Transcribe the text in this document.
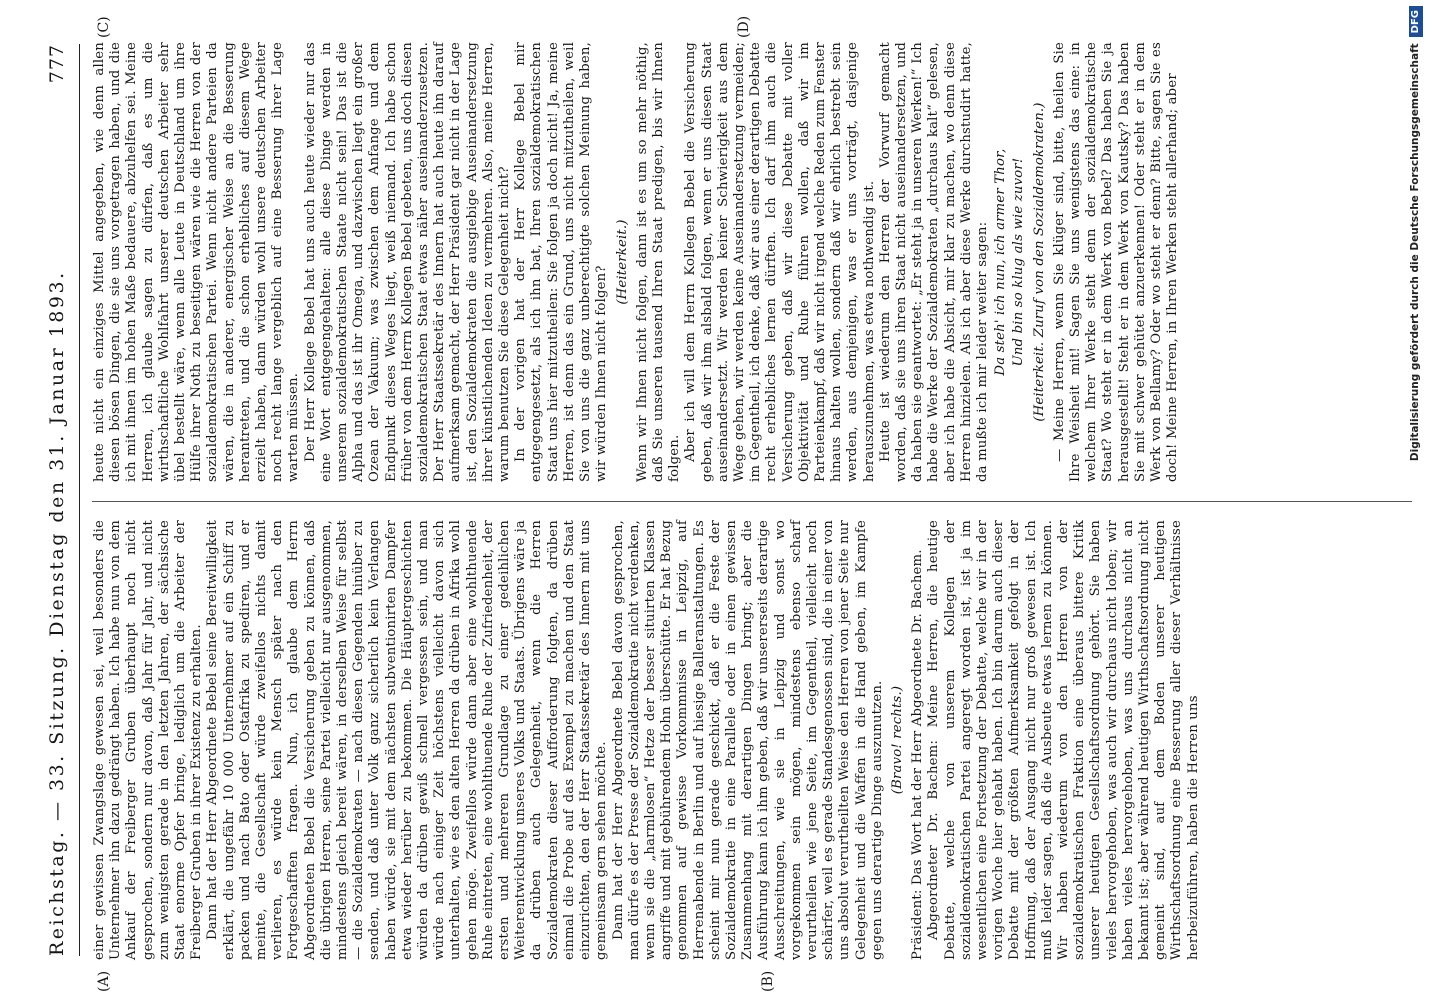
Reichstag. — 33. Sitzung. Dienstag den 31. Januar 1893.
777
(A)	(B)
(C)	(D)

einer gewissen Zwangslage gewesen sei, weil besonders die Unternehmer ihn dazu gedrängt haben. Ich habe nun von dem Ankauf der Freiberger Gruben überhaupt noch nicht gesprochen, sondern nur davon, daß Jahr für Jahr, und nicht zum wenigsten gerade in den letzten Jahren, der sächsische Staat enorme Opfer bringe, lediglich um die Arbeiter der Freiberger Gruben in ihrer Existenz zu erhalten. Dann hat der Herr Abgeordnete Bebel seine Bereitwilligkeit erklärt, die ungefähr 10 000 Unternehmer auf ein Schiff zu packen und nach Bato oder Ostafrika zu spediren, und er meinte, die Gesellschaft würde zweifellos nichts damit verlieren, es würde kein Mensch später nach den Fortgeschafften fragen. Nun, ich glaube dem Herrn Abgeordneten Bebel die Versicherung geben zu können, daß die übrigen Herren, seine Partei vielleicht nur ausgenommen, mindestens gleich bereit wären, in derselben Weise für selbst — die Sozialdemokraten — nach diesen Gegenden hinüber zu senden, und daß unter Volk ganz sicherlich kein Verlangen haben würde, sie mit dem nächsten subventionirten Dampfer etwa wieder herüber zu bekommen. Die Häuptergeschichten würden da drüben gewiß schnell vergessen sein, und man würde nach einiger Zeit höchstens vielleicht davon sich unterhalten, wie es den alten Herren da drüben in Afrika wohl gehen möge. Zweifellos würde dann aber eine wohlthuende Ruhe eintreten, eine wohlthuende Ruhe der Zufriedenheit, der ersten und mehreren Grundlage zu einer gedeihlichen Weiterentwicklung unseres Volks und Staats. Übrigens wäre ja da drüben auch Gelegenheit, wenn die Herren Sozialdemokraten dieser Aufforderung folgten, da drüben einmal die Probe auf das Exempel zu machen und den Staat einzurichten, den der Herr Staatssekretär des Innern mit uns gemeinsam gern sehen möchte. Dann hat der Herr Abgeordnete Bebel davon gesprochen, man dürfe es der Presse der Sozialdemokratie nicht verdenken, wenn sie die „harmlosen“ Hetze der besser situirten Klassen angriffe und mit gebührendem Hohn überschütte. Er hat Bezug genommen auf gewisse Vorkommnisse in Leipzig, auf Herrenabende in Berlin und auf hiesige Balleranstaltungen. Es scheint mir nun gerade geschickt, daß er die Feste der Sozialdemokratie in eine Parallele oder in einen gewissen Zusammenhang mit derartigen Dingen bringt; aber die Ausführung kann ich ihm geben, daß wir unsererseits derartige Ausschreitungen, wie sie in Leipzig und sonst wo vorgekommen sein mögen, mindestens ebenso scharf verurtheilen wie jene Seite, im Gegentheil, vielleicht noch schärfer, weil es gerade Standesgenossen sind, die in einer von uns absolut verurtheilten Weise den Herren von jener Seite nur Gelegenheit und die Waffen in die Hand geben, im Kampfe gegen uns derartige Dinge auszunutzen. (Bravo! rechts.) Präsident: Das Wort hat der Herr Abgeordnete Dr. Bachem. Abgeordneter Dr. Bachem: Meine Herren, die heutige Debatte, welche von unserem Kollegen der sozialdemokratischen Partei angeregt worden ist, ist ja im wesentlichen eine Fortsetzung der Debatte, welche wir in der vorigen Woche hier gehabt haben. Ich bin darum auch dieser Debatte mit der größten Aufmerksamkeit gefolgt in der Hoffnung, daß der Ausgang nicht nur groß gewesen ist. Ich muß leider sagen, daß die Ausbeute etwas lernen zu können. Wir haben wiederum von den Herren von der sozialdemokratischen Fraktion eine überaus bittere Kritik unserer heutigen Gesellschaftsordnung gehört. Sie haben vieles hervorgehoben, was auch wir durchaus nicht loben; wir haben vieles hervorgehoben, was uns durchaus nicht an bekannt ist; aber während heutigen Wirthschaftsordnung nicht gemeint sind, auf dem Boden unserer heutigen Wirthschaftsordnung eine Besserung aller dieser Verhältnisse herbeizuführen, haben die Herren uns

heute nicht ein einziges Mittel angegeben, wie denn allen diesen bösen Dingen, die sie uns vorgetragen haben, und die ich mit ihnen im hohen Maße bedauere, abzuhelfen sei. Meine Herren, ich glaube sagen zu dürfen, daß es um die wirthschaftliche Wohlfahrt unserer deutschen Arbeiter sehr übel bestellt wäre, wenn alle Leute in Deutschland um ihre Hülfe ihrer Noth zu beseitigen wären wie die Herren von der sozialdemokratischen Partei. Wenn nicht andere Parteien da wären, die in anderer, energischer Weise an die Besserung herantreten, und die schon erhebliches auf diesem Wege erzielt haben, dann würden wohl unsere deutschen Arbeiter noch recht lange vergeblich auf eine Besserung ihrer Lage warten müssen. Der Herr Kollege Bebel hat uns auch heute wieder nur das eine Wort entgegengehalten: alle diese Dinge werden in unserem sozialdemokratischen Staate nicht sein! Das ist die Alpha und das ist ihr Omega, und dazwischen liegt ein großer Ozean der Vakuum; was zwischen dem Anfange und dem Endpunkt dieses Weges liegt, weiß niemand. Ich habe schon früher von dem Herrn Kollegen Bebel gebeten, uns doch diesen sozialdemokratischen Staat etwas näher auseinanderzusetzen. Der Herr Staatssekretär des Innern hat auch heute ihn darauf aufmerksam gemacht, der Herr Präsident gar nicht in der Lage ist, den Sozialdemokraten die ausgiebige Auseinandersetzung ihrer künstlichenden Ideen zu vermehren. Also, meine Herren, warum benutzen Sie diese Gelegenheit nicht? In der vorigen hat der Herr Kollege Bebel mir entgegengesetzt, als ich ihn bat, Ihren sozialdemokratischen Staat uns hier mitzutheilen: Sie folgen ja doch nicht! Ja, meine Herren, ist denn das ein Grund, uns nicht mitzutheilen, weil Sie von uns die ganz unberechtigte solchen Meinung haben, wir würden Ihnen nicht folgen?

(Heiterkeit.) Wenn wir Ihnen nicht folgen, dann ist es um so mehr nöthig, daß Sie unseren tausend Ihren Staat predigen, bis wir Ihnen folgen. Aber ich will dem Herrn Kollegen Bebel die Versicherung geben, daß wir ihm alsbald folgen, wenn er uns diesen Staat auseinandersetzt. Wir werden keiner Schwierigkeit aus dem Wege gehen, wir werden keine Auseinandersetzung vermeiden; im Gegentheil, ich denke, daß wir aus einer derartigen Debatte recht erhebliches lernen dürften. Ich darf ihm auch die Versicherung geben, daß wir diese Debatte mit voller Objektivität und Ruhe führen wollen, daß wir im Parteienkampf, daß wir nicht irgend welche Reden zum Fenster hinaus halten wollen, sondern daß wir ehrlich bestrebt sein werden, aus demjenigen, was er uns vorträgt, dasjenige herauszunehmen, was etwa nothwendig ist. Heute ist wiederum den Herren der Vorwurf gemacht worden, daß sie uns ihren Staat nicht auseinandersetzen, und da haben sie geantwortet: „Er steht ja in unseren Werken!“ Ich habe die Werke der Sozialdemokraten „durchaus kalt“ gelesen, aber ich habe die Absicht, mir klar zu machen, wo denn diese Herren hinzielen. Als ich aber diese Werke durchstudirt hatte, da mußte ich mir leider weiter sagen: Da steh' ich nun, ich armer Thor, Und bin so klug als wie zuvor! (Heiterkeit. Zuruf von den Sozialdemokraten.) — Meine Herren, wenn Sie klüger sind, bitte, theilen Sie Ihre Weisheit mit! Sagen Sie uns wenigstens das eine: in welchem Ihrer Werke steht denn der sozialdemokratische Staat? Wo steht er in dem Werk von Bebel? Das haben Sie ja herausgestellt! Steht er in dem Werk von Kautsky? Das haben Sie mit schwer gehütet anzuerkennen! Oder steht er in dem Werk von Bellamy? Oder wo steht er denn? Bitte, sagen Sie es doch! Meine Herren, in Ihren Werken steht allerhand; aber	Digitalisierung gefördert durch die Deutsche ForschungsgemeinschaftDFG
